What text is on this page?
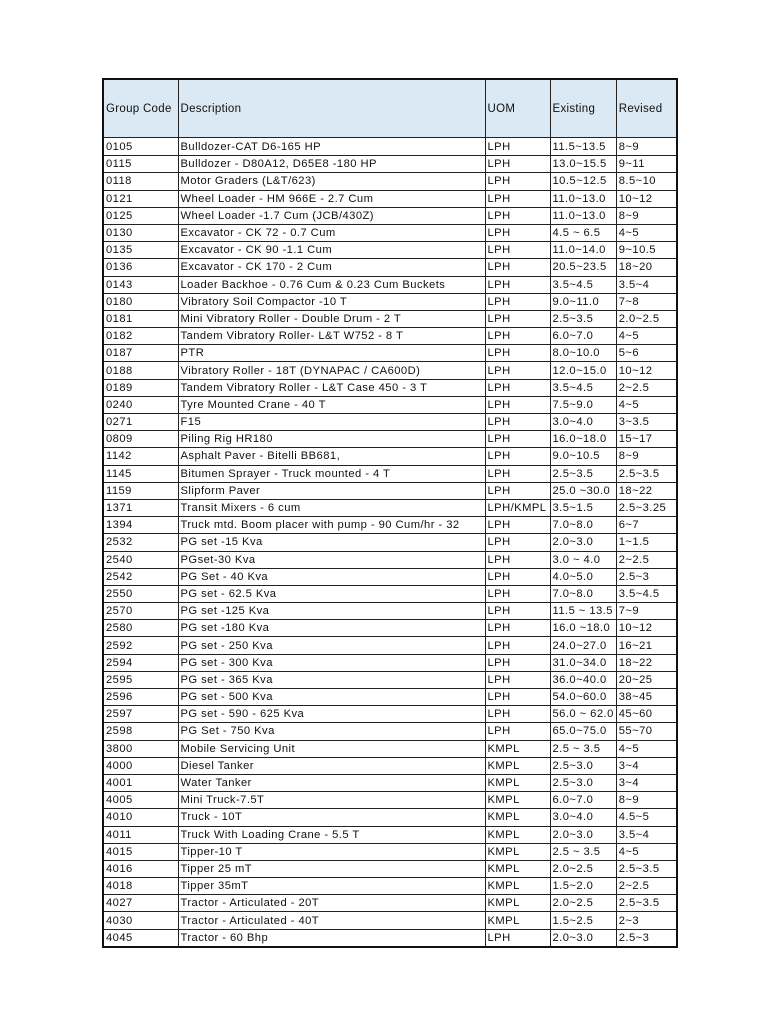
Group Code	Description	UOM	Existing	Revised
0105	Bulldozer-CAT D6-165 HP	LPH	11.5~13.5	8~9
0115	Bulldozer - D80A12, D65E8 -180 HP	LPH	13.0~15.5	9~11
0118	Motor Graders (L&T/623)	LPH	10.5~12.5	8.5~10
0121	Wheel Loader - HM 966E - 2.7 Cum	LPH	11.0~13.0	10~12
0125	Wheel Loader -1.7 Cum (JCB/430Z)	LPH	11.0~13.0	8~9
0130	Excavator - CK 72 - 0.7 Cum	LPH	4.5 ~ 6.5	4~5
0135	Excavator - CK 90 -1.1 Cum	LPH	11.0~14.0	9~10.5
0136	Excavator - CK 170 - 2 Cum	LPH	20.5~23.5	18~20
0143	Loader Backhoe - 0.76 Cum & 0.23 Cum Buckets	LPH	3.5~4.5	3.5~4
0180	Vibratory Soil Compactor -10 T	LPH	9.0~11.0	7~8
0181	Mini Vibratory Roller - Double Drum - 2 T	LPH	2.5~3.5	2.0~2.5
0182	Tandem Vibratory Roller- L&T W752 - 8 T	LPH	6.0~7.0	4~5
0187	PTR	LPH	8.0~10.0	5~6
0188	Vibratory Roller - 18T (DYNAPAC / CA600D)	LPH	12.0~15.0	10~12
0189	Tandem Vibratory Roller - L&T Case 450 - 3 T	LPH	3.5~4.5	2~2.5
0240	Tyre Mounted Crane - 40 T	LPH	7.5~9.0	4~5
0271	F15	LPH	3.0~4.0	3~3.5
0809	Piling Rig HR180	LPH	16.0~18.0	15~17
1142	Asphalt Paver - Bitelli BB681,	LPH	9.0~10.5	8~9
1145	Bitumen Sprayer - Truck mounted - 4 T	LPH	2.5~3.5	2.5~3.5
1159	Slipform Paver	LPH	25.0 ~30.0	18~22
1371	Transit Mixers - 6 cum	LPH/KMPL	3.5~1.5	2.5~3.25
1394	Truck mtd. Boom placer with pump - 90 Cum/hr - 32	LPH	7.0~8.0	6~7
2532	PG set -15 Kva	LPH	2.0~3.0	1~1.5
2540	PGset-30 Kva	LPH	3.0 ~ 4.0	2~2.5
2542	PG Set - 40 Kva	LPH	4.0~5.0	2.5~3
2550	PG set - 62.5 Kva	LPH	7.0~8.0	3.5~4.5
2570	PG set -125 Kva	LPH	11.5 ~ 13.5	7~9
2580	PG set -180 Kva	LPH	16.0 ~18.0	10~12
2592	PG set - 250 Kva	LPH	24.0~27.0	16~21
2594	PG set - 300 Kva	LPH	31.0~34.0	18~22
2595	PG set - 365 Kva	LPH	36.0~40.0	20~25
2596	PG set - 500 Kva	LPH	54.0~60.0	38~45
2597	PG set - 590 - 625 Kva	LPH	56.0 ~ 62.0	45~60
2598	PG Set - 750 Kva	LPH	65.0~75.0	55~70
3800	Mobile Servicing Unit	KMPL	2.5 ~ 3.5	4~5
4000	Diesel Tanker	KMPL	2.5~3.0	3~4
4001	Water Tanker	KMPL	2.5~3.0	3~4
4005	Mini Truck-7.5T	KMPL	6.0~7.0	8~9
4010	Truck - 10T	KMPL	3.0~4.0	4.5~5
4011	Truck With Loading Crane - 5.5 T	KMPL	2.0~3.0	3.5~4
4015	Tipper-10 T	KMPL	2.5 ~ 3.5	4~5
4016	Tipper 25 mT	KMPL	2.0~2.5	2.5~3.5
4018	Tipper 35mT	KMPL	1.5~2.0	2~2.5
4027	Tractor - Articulated - 20T	KMPL	2.0~2.5	2.5~3.5
4030	Tractor - Articulated - 40T	KMPL	1.5~2.5	2~3
4045	Tractor - 60 Bhp	LPH	2.0~3.0	2.5~3
